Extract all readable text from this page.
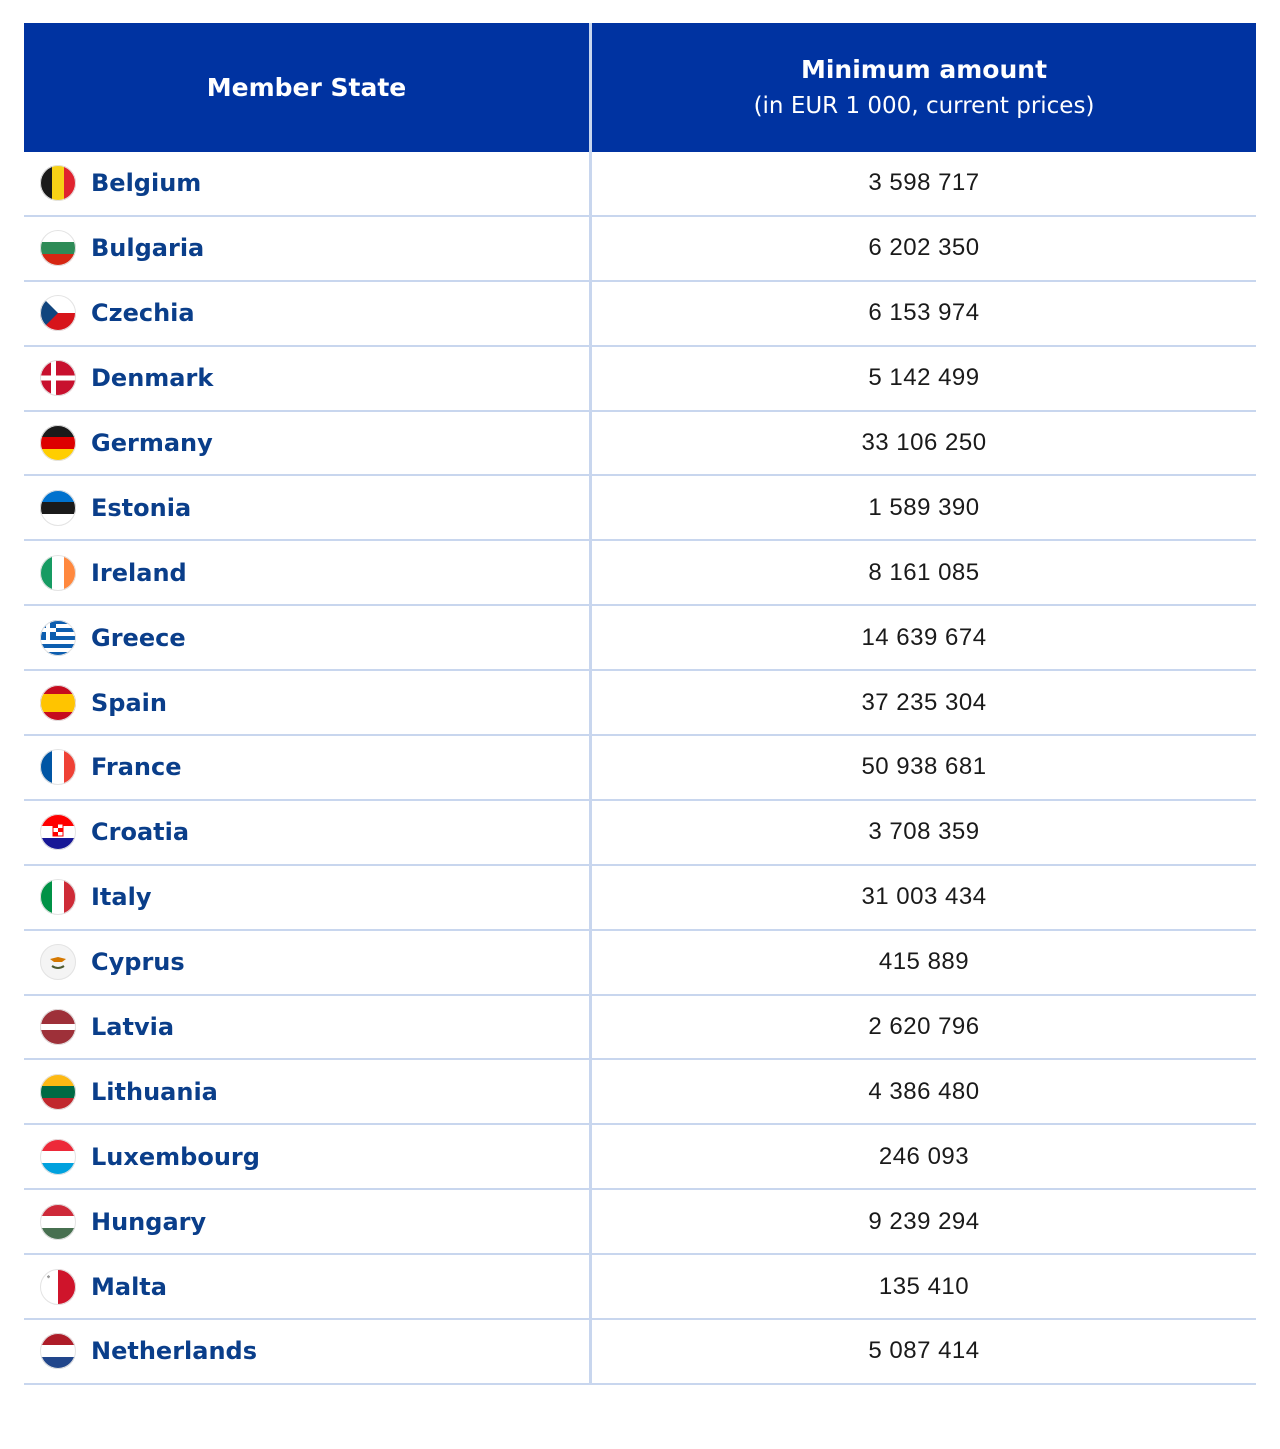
Member State
Minimum amount
(in EUR 1 000, current prices)
Belgium	3 598 717
Bulgaria	6 202 350
Czechia	6 153 974
Denmark	5 142 499
Germany	33 106 250
Estonia	1 589 390
Ireland	8 161 085
Greece	14 639 674
Spain	37 235 304
France	50 938 681
Croatia	3 708 359
Italy	31 003 434
Cyprus	415 889
Latvia	2 620 796
Lithuania	4 386 480
Luxembourg	246 093
Hungary	9 239 294
Malta	135 410
Netherlands	5 087 414
